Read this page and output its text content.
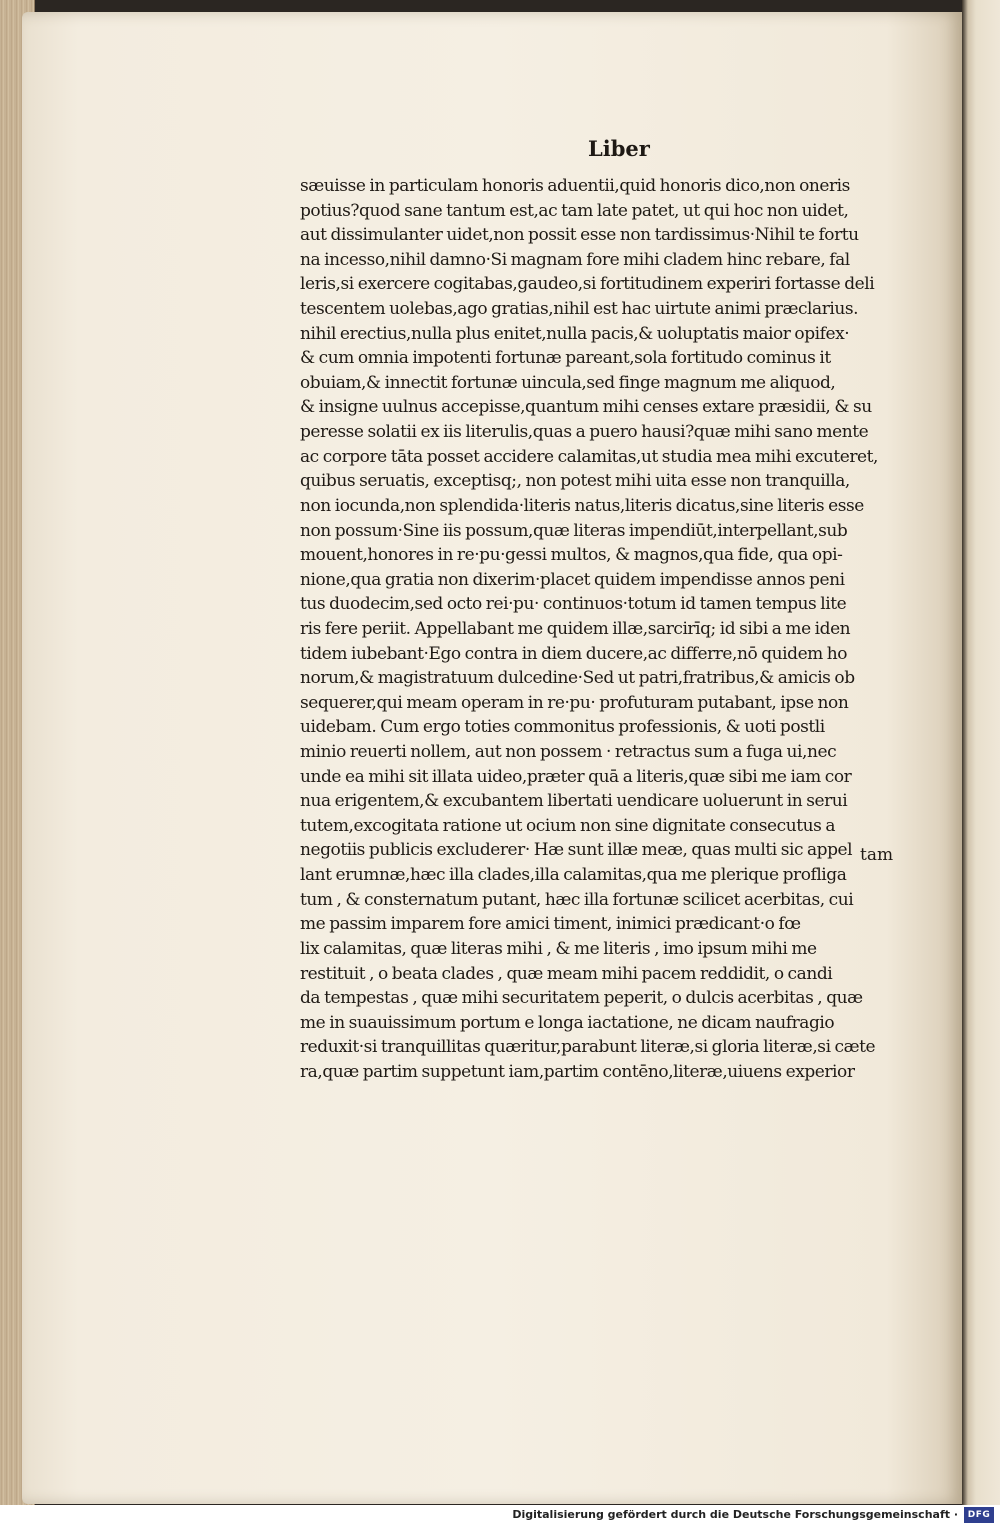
Liber
sæuisse in particulam honoris aduentii,quid honoris dico,non oneris
potius?quod sane tantum est,ac tam late patet, ut qui hoc non uidet,
aut dissimulanter uidet,non possit esse non tardissimus·Nihil te fortu
na incesso,nihil damno·Si magnam fore mihi cladem hinc rebare, fal
leris,si exercere cogitabas,gaudeo,si fortitudinem experiri fortasse deli
tescentem uolebas,ago gratias,nihil est hac uirtute animi præclarius.
nihil erectius,nulla plus enitet,nulla pacis,& uoluptatis maior opifex·
& cum omnia impotenti fortunæ pareant,sola fortitudo cominus it
obuiam,& innectit fortunæ uincula,sed finge magnum me aliquod,
& insigne uulnus accepisse,quantum mihi censes extare præsidii, & su
peresse solatii ex iis literulis,quas a puero hausi?quæ mihi sano mente
ac corpore tāta posset accidere calamitas,ut studia mea mihi excuteret,
quibus seruatis, exceptisq;, non potest mihi uita esse non tranquilla,
non iocunda,non splendida·literis natus,literis dicatus,sine literis esse
non possum·Sine iis possum,quæ literas impendiūt,interpellant,sub
mouent,honores in re·pu·gessi multos, & magnos,qua fide, qua opi-
nione,qua gratia non dixerim·placet quidem impendisse annos peni
tus duodecim,sed octo rei·pu· continuos·totum id tamen tempus lite
ris fere periit. Appellabant me quidem illæ,sarcirīq; id sibi a me iden
tidem iubebant·Ego contra in diem ducere,ac differre,nō quidem ho
norum,& magistratuum dulcedine·Sed ut patri,fratribus,& amicis ob
sequerer,qui meam operam in re·pu· profuturam putabant, ipse non
uidebam. Cum ergo toties commonitus professionis, & uoti postli
minio reuerti nollem, aut non possem · retractus sum a fuga ui,nec
unde ea mihi sit illata uideo,præter quā a literis,quæ sibi me iam cor
nua erigentem,& excubantem libertati uendicare uoluerunt in serui
tutem,excogitata ratione ut ocium non sine dignitate consecutus a
negotiis publicis excluderer· Hæ sunt illæ meæ, quas multi sic appel
lant erumnæ,hæc illa clades,illa calamitas,qua me plerique profliga
tum , & consternatum putant, hæc illa fortunæ scilicet acerbitas, cui
me passim imparem fore amici timent, inimici prædicant·o fœ
lix calamitas, quæ literas mihi , & me literis , imo ipsum mihi me
restituit , o beata clades , quæ meam mihi pacem reddidit, o candi
da tempestas , quæ mihi securitatem peperit, o dulcis acerbitas , quæ
me in suauissimum portum e longa iactatione, ne dicam naufragio
reduxit·si tranquillitas quæritur,parabunt literæ,si gloria literæ,si cæte
ra,quæ partim suppetunt iam,partim contēno,literæ,uiuens experior
tam
Digitalisierung gefördert durch die Deutsche Forschungsgemeinschaft ·	DFG
